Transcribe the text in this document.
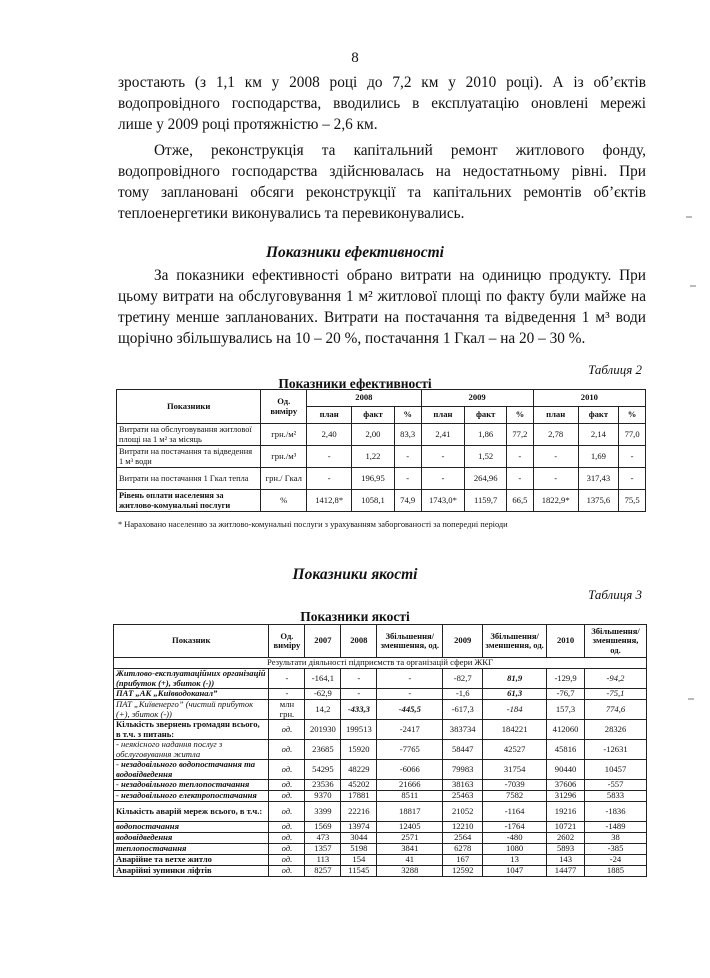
8
зростають (з 1,1 км у 2008 році до 7,2 км у 2010 році). А із об’єктів
водопровідного господарства, вводились в експлуатацію оновлені мережі
лише у 2009 році протяжністю – 2,6 км.
Отже, реконструкція та капітальний ремонт житлового фонду,
водопровідного господарства здійснювалась на недостатньому рівні. При
тому заплановані обсяги реконструкції та капітальних ремонтів об’єктів
теплоенергетики виконувались та перевиконувались.
Показники ефективності
За показники ефективності обрано витрати на одиницю продукту. При
цьому витрати на обслуговування 1 м² житлової площі по факту були майже на
третину менше запланованих. Витрати на постачання та відведення 1 м³ води
щорічно збільшувались на 10 – 20 %, постачання 1 Гкал – на 20 – 30 %.
Таблиця 2
Показники ефективності
Показники	Од. виміру	2008			2009			2010		
		план	факт	%	план	факт	%	план	факт	%
Витрати на обслуговування житлової площі на 1 м² за місяць	грн./м²	2,40	2,00	83,3	2,41	1,86	77,2	2,78	2,14	77,0
Витрати на постачання та відведення 1 м³ води	грн./м³	-	1,22	-	-	1,52	-	-	1,69	-
Витрати на постачання 1 Гкал тепла	грн./ Гкал	-	196,95	-	-	264,96	-	-	317,43	-
Рівень оплати населення за житлово-комунальні послуги	%	1412,8*	1058,1	74,9	1743,0*	1159,7	66,5	1822,9*	1375,6	75,5
* Нараховано населенню за житлово-комунальні послуги з урахуванням заборгованості за попередні періоди
Показники якості
Таблиця 3
Показники якості
Показник	Од. виміру	2007	2008	Збільшення/ зменшення, од.	2009	Збільшення/ зменшення, од.	2010	Збільшення/ зменшення, од.
Результати діяльності підприємств та організацій сфери ЖКГ								
Житлово-експлуатаційних організацій (прибуток (+), збиток (-))	-	-164,1	-	-	-82,7	81,9	-129,9	-94,2
ПАТ „АК „Київводоканал”	-	-62,9	-	-	-1,6	61,3	-76,7	-75,1
ПАТ „Київенерго” (чистий прибуток (+), збиток (-))	млн грн.	14,2	-433,3	-445,5	-617,3	-184	157,3	774,6
Кількість звернень громадян всього, в т.ч. з питань:	од.	201930	199513	-2417	383734	184221	412060	28326
- неякісного надання послуг з обслуговування житла	од.	23685	15920	-7765	58447	42527	45816	-12631
- незадовільного водопостачання та водовідведення	од.	54295	48229	-6066	79983	31754	90440	10457
- незадовільного теплопостачання	од.	23536	45202	21666	38163	-7039	37606	-557
- незадовільного електропостачання	од.	9370	17881	8511	25463	7582	31296	5833
Кількість аварій мереж всього, в т.ч.:	од.	3399	22216	18817	21052	-1164	19216	-1836
водопостачання	од.	1569	13974	12405	12210	-1764	10721	-1489
водовідведення	од.	473	3044	2571	2564	-480	2602	38
теплопостачання	од.	1357	5198	3841	6278	1080	5893	-385
Аварійне та ветхе житло	од.	113	154	41	167	13	143	-24
Аварійні зупинки ліфтів	од.	8257	11545	3288	12592	1047	14477	1885
